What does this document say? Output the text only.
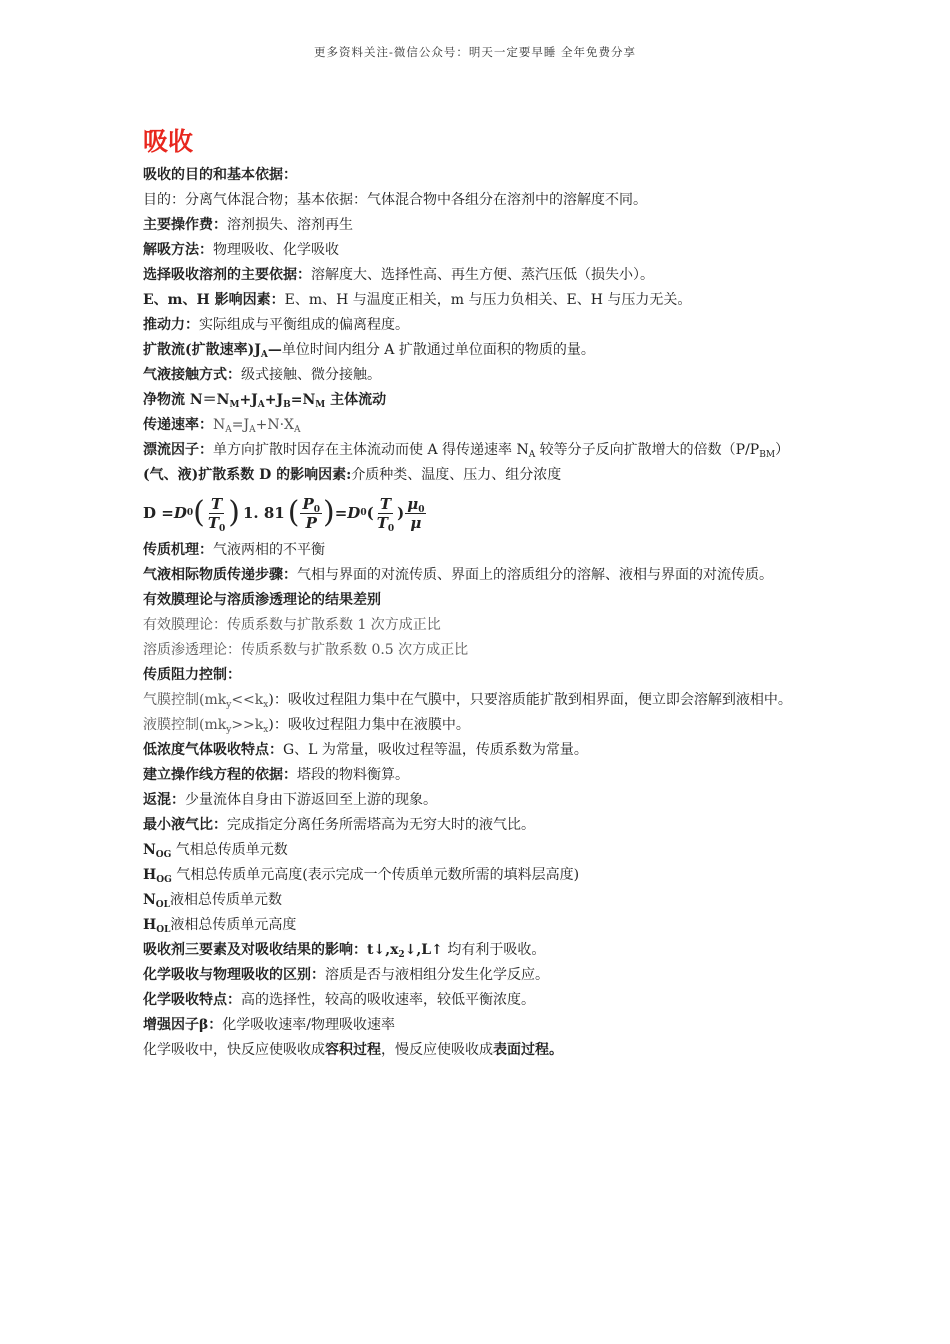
更多资料关注-微信公众号：明天一定要早睡 全年免费分享
吸收
吸收的目的和基本依据：
目的：分离气体混合物；基本依据：气体混合物中各组分在溶剂中的溶解度不同。
主要操作费：溶剂损失、溶剂再生
解吸方法：物理吸收、化学吸收
选择吸收溶剂的主要依据：溶解度大、选择性高、再生方便、蒸汽压低（损失小）。
E、m、H 影响因素：E、m、H 与温度正相关，m 与压力负相关、E、H 与压力无关。
推动力：实际组成与平衡组成的偏离程度。
扩散流(扩散速率)$J_A—$单位时间内组分 A 扩散通过单位面积的物质的量。
气液接触方式：级式接触、微分接触。
净物流 $N=N_M+J_A+J_B=N_M$ 主体流动
传递速率：$N_A=J_A+N\cdot X_A$
漂流因子：单方向扩散时因存在主体流动而使 A 得传递速率 $N_A$ 较等分子反向扩散增大的倍数$(P/P_{BM})$
(气、液)扩散系数 D 的影响因素:介质种类、温度、压力、组分浓度
D = D 0 ( $\frac{T}{T_0}$ ) 1. 81 ( $\frac{P_0}{P}$ ) = D 0 ( $\frac{T}{T_0}$ ) $\frac{\mu_0}{\mu}$
传质机理：气液两相的不平衡
气液相际物质传递步骤：气相与界面的对流传质、界面上的溶质组分的溶解、液相与界面的对流传质。
有效膜理论与溶质渗透理论的结果差别
有效膜理论：传质系数与扩散系数 1 次方成正比
溶质渗透理论：传质系数与扩散系数 0.5 次方成正比
传质阻力控制：
气膜控制$(mk_y<<k_x)$：吸收过程阻力集中在气膜中，只要溶质能扩散到相界面，便立即会溶解到液相中。
液膜控制$(mk_y>>k_x)$：吸收过程阻力集中在液膜中。
低浓度气体吸收特点：G、L 为常量，吸收过程等温，传质系数为常量。
建立操作线方程的依据：塔段的物料衡算。
返混：少量流体自身由下游返回至上游的现象。
最小液气比：完成指定分离任务所需塔高为无穷大时的液气比。
$N_{OG}$ 气相总传质单元数
$H_{OG}$ 气相总传质单元高度(表示完成一个传质单元数所需的填料层高度)
$N_{OL}$液相总传质单元数
$H_{OL}$液相总传质单元高度
吸收剂三要素及对吸收结果的影响：$t↓,x_2↓,L↑$ 均有利于吸收。
化学吸收与物理吸收的区别：溶质是否与液相组分发生化学反应。
化学吸收特点：高的选择性，较高的吸收速率，较低平衡浓度。
增强因子β：化学吸收速率/物理吸收速率
化学吸收中，快反应使吸收成容积过程，慢反应使吸收成表面过程。
